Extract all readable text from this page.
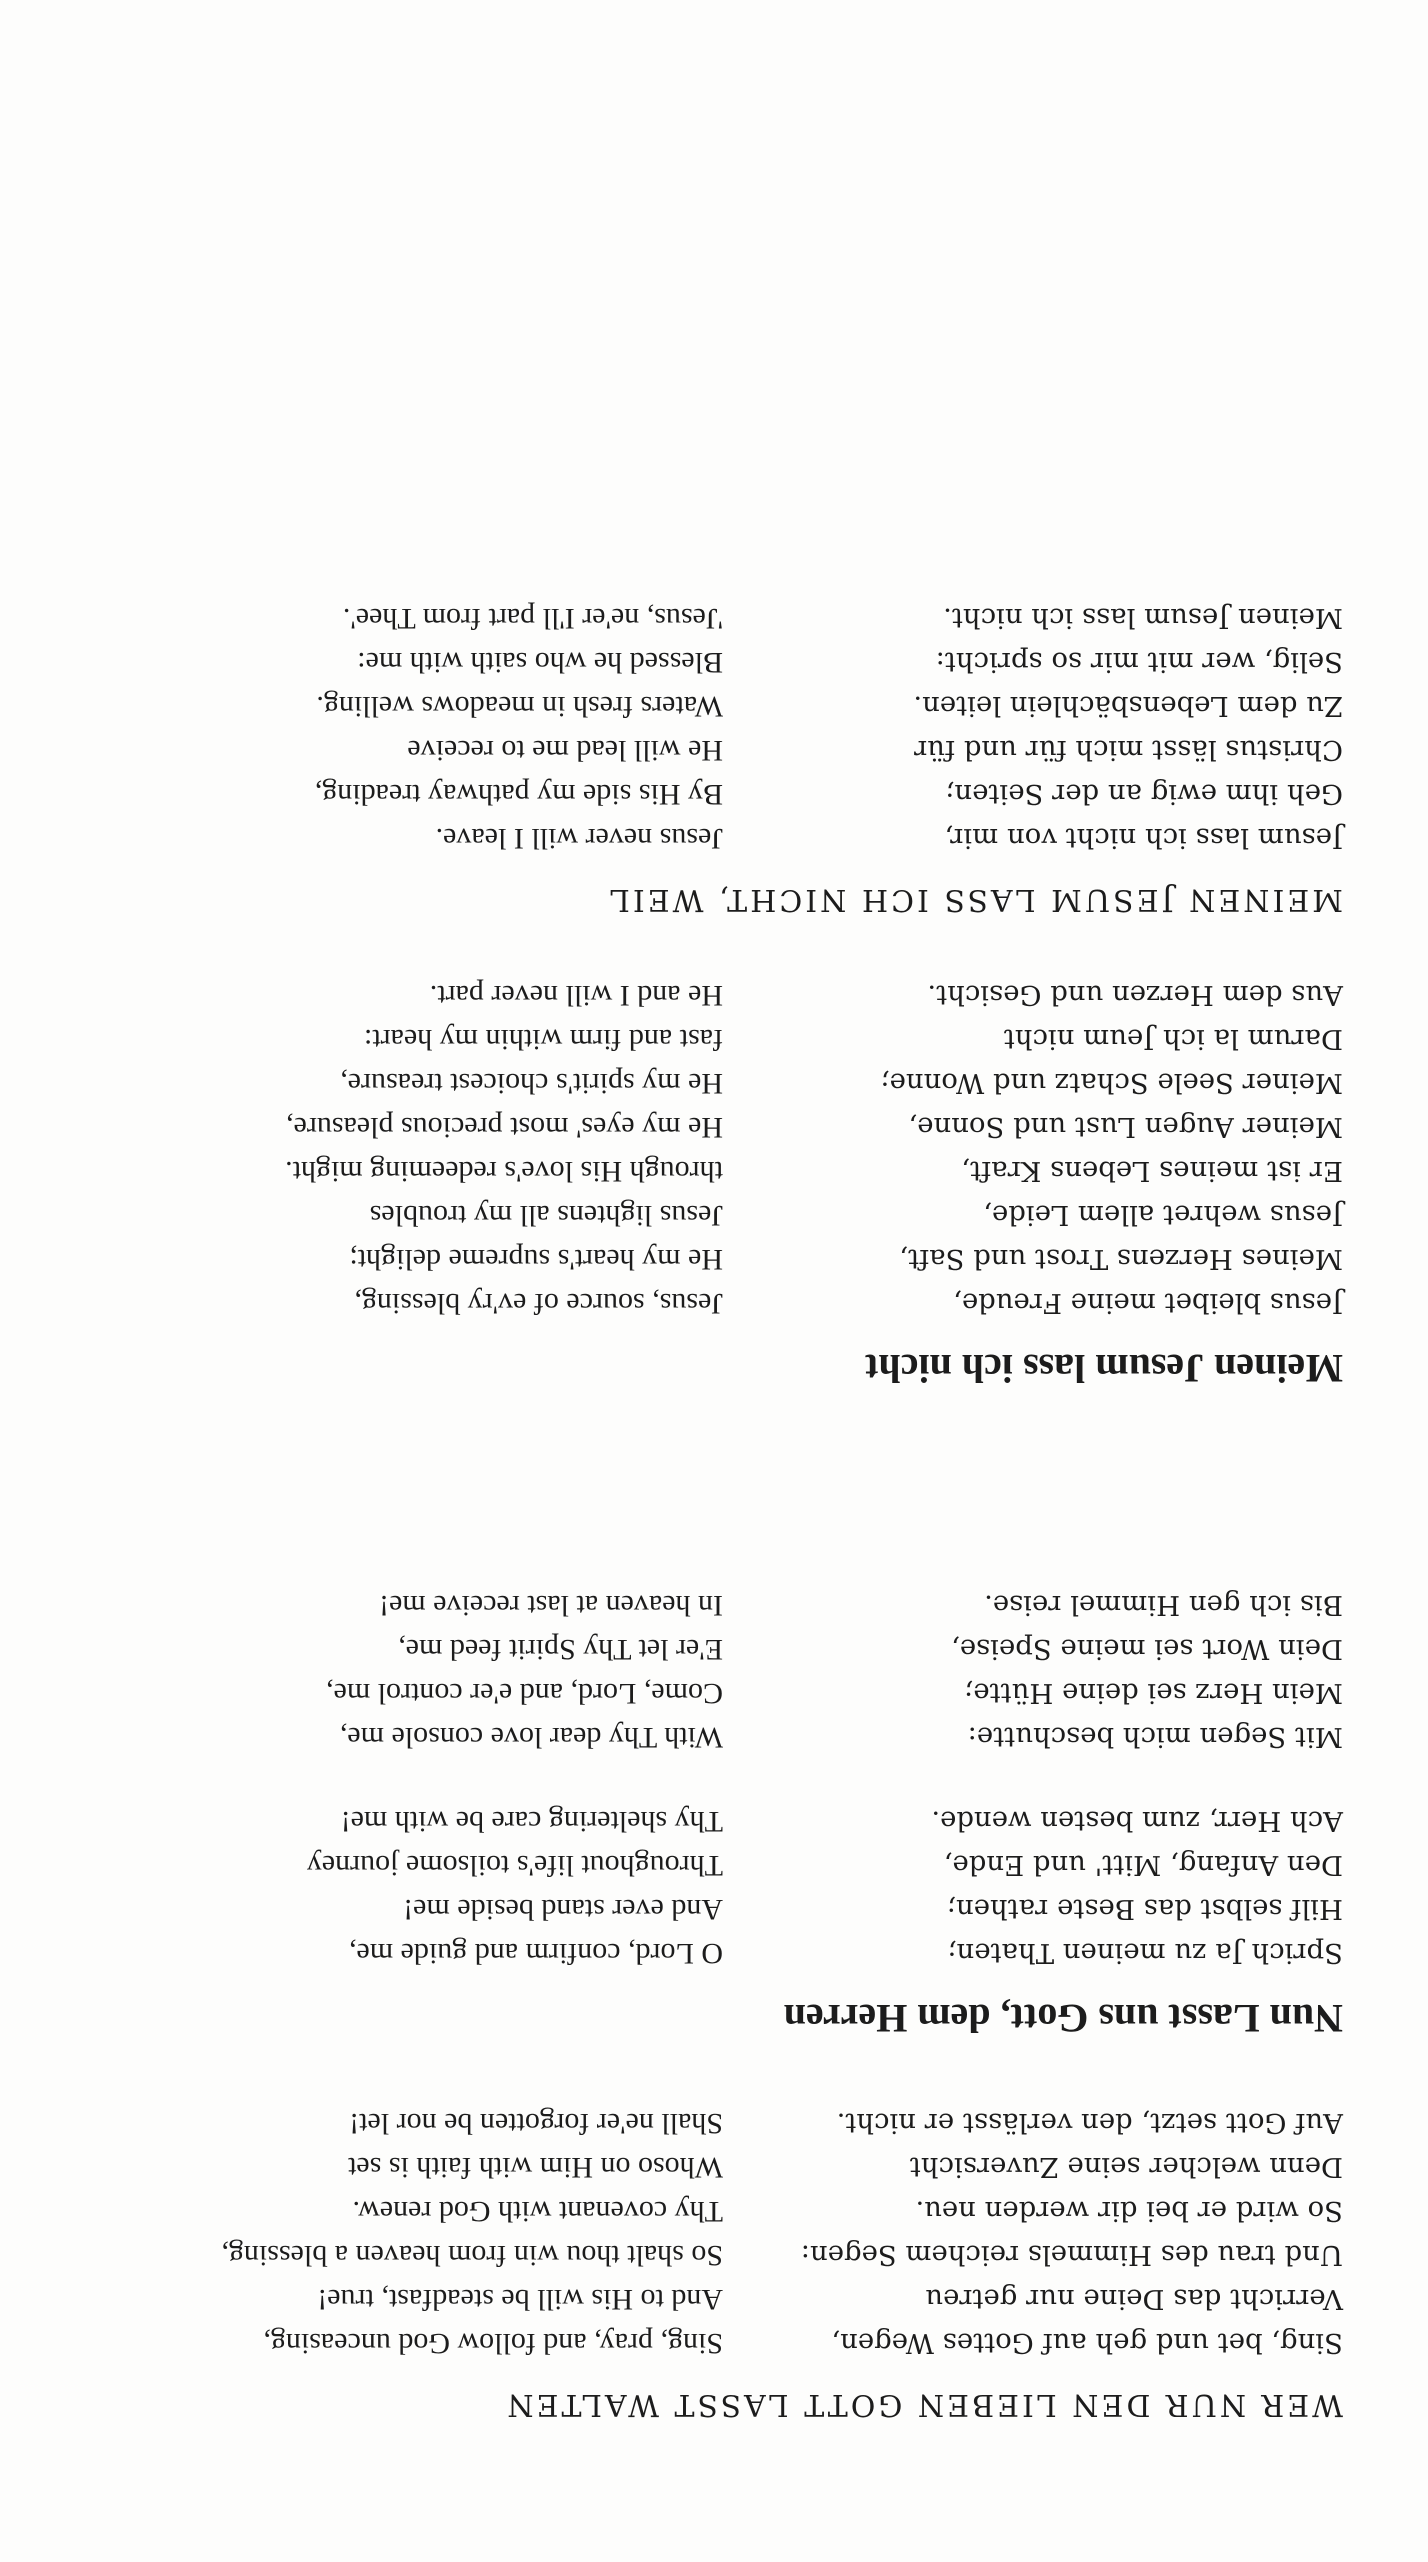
WER NUR DEN LIEBEN GOTT LASST WALTEN
Sing, bet und geh auf Gottes Wegen,
Verricht das Deine nur getreu
Und trau des Himmels reichem Segen:
So wird er bei dir werden neu.
Denn welcher seine Zuversicht
Auf Gott setzt, den verlässt er nicht.
Sing, pray, and follow God unceasing,
And to His will be steadfast, true!
So shalt thou win from heaven a blessing,
Thy covenant with God renew.
Whoso on Him with faith is set
Shall ne'er forgotten be nor let!
Nun Lasst uns Gott, dem Herren
Sprich Ja zu meinen Thaten;
Hilf selbst das Beste rathen;
Den Anfang, Mitt' und Ende,
Ach Herr, zum besten wende.
O Lord, confirm and guide me,
And ever stand beside me!
Throughout life's toilsome journey
Thy sheltering care be with me!
Mit Segen mich beschutte:
Mein Herz sei deine Hütte;
Dein Wort sei meine Speise,
Bis ich gen Himmel reise.
With Thy dear love console me,
Come, Lord, and e'er control me,
E'er let Thy Spirit feed me,
In heaven at last receive me!
Meinen Jesum lass ich nicht
Jesus bleibet meine Freude,
Meines Herzens Trost und Saft,
Jesus wehret allem Leide,
Er ist meines Lebens Kraft,
Meiner Augen Lust und Sonne,
Meiner Seele Schatz und Wonne;
Darum la ich Jeum nicht
Aus dem Herzen und Gesicht.
Jesus, source of ev'ry blessing,
He my heart's supreme delight;
Jesus lightens all my troubles
through His love's redeeming might.
He my eyes' most precious pleasure,
He my spirit's choicest treasure,
fast and firm within my heart:
He and I will never part.
MEINEN JESUM LASS ICH NICHT, WEIL
Jesum lass ich nicht von mir,
Geh ihm ewig an der Seiten;
Christus lässt mich für und für
Zu dem Lebensbächlein leiten.
Selig, wer mit mir so spricht:
Meinen Jesum lass ich nicht.
Jesus never will I leave.
By His side my pathway treading,
He will lead me to receive
Waters fresh in meadows welling.
Blessed he who saith with me:
'Jesus, ne'er I'll part from Thee'.
